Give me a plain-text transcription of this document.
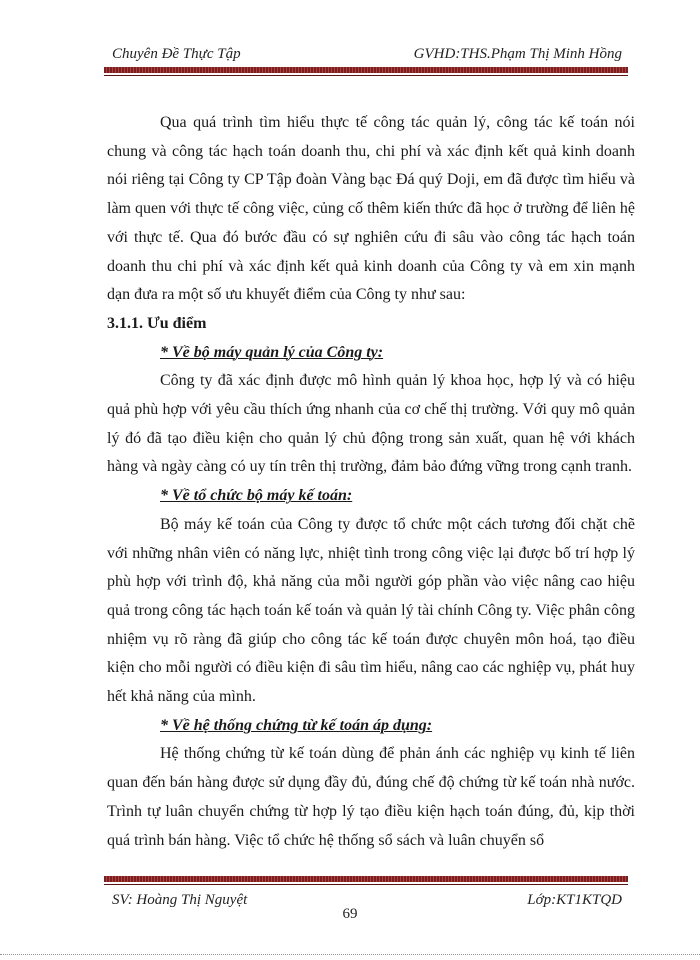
Chuyên Đề Thực Tập	GVHD:THS.Phạm Thị Minh Hồng

Qua quá trình tìm hiểu thực tế công tác quản lý, công tác kế toán nói chung và công tác hạch toán doanh thu, chi phí và xác định kết quả kinh doanh nói riêng tại Công ty CP Tập đoàn Vàng bạc Đá quý Doji, em đã được tìm hiểu và làm quen với thực tế công việc, củng cố thêm kiến thức đã học ở trường để liên hệ với thực tế. Qua đó bước đầu có sự nghiên cứu đi sâu vào công tác hạch toán doanh thu chi phí và xác định kết quả kinh doanh của Công ty và em xin mạnh dạn đưa ra một số ưu khuyết điểm của Công ty như sau:

3.1.1. Ưu điểm

* Về bộ máy quản lý của Công ty:

Công ty đã xác định được mô hình quản lý khoa học, hợp lý và có hiệu quả phù hợp với yêu cầu thích ứng nhanh của cơ chế thị trường. Với quy mô quản lý đó đã tạo điều kiện cho quản lý chủ động trong sản xuất, quan hệ với khách hàng và ngày càng có uy tín trên thị trường, đảm bảo đứng vững trong cạnh tranh.

* Về tổ chức bộ máy kế toán:

Bộ máy kế toán của Công ty được tổ chức một cách tương đối chặt chẽ với những nhân viên có năng lực, nhiệt tình trong công việc lại được bố trí hợp lý phù hợp với trình độ, khả năng của mỗi người góp phần vào việc nâng cao hiệu quả trong công tác hạch toán kế toán và quản lý tài chính Công ty. Việc phân công nhiệm vụ rõ ràng đã giúp cho công tác kế toán được chuyên môn hoá, tạo điều kiện cho mỗi người có điều kiện đi sâu tìm hiểu, nâng cao các nghiệp vụ, phát huy hết khả năng của mình.

* Về hệ thống chứng từ kế toán áp dụng:

Hệ thống chứng từ kế toán dùng để phản ánh các nghiệp vụ kinh tế liên quan đến bán hàng được sử dụng đầy đủ, đúng chế độ chứng từ kế toán nhà nước. Trình tự luân chuyển chứng từ hợp lý tạo điều kiện hạch toán đúng, đủ, kịp thời quá trình bán hàng. Việc tổ chức hệ thống sổ sách và luân chuyển sổ

SV: Hoàng Thị Nguyệt	Lớp:KT1KTQD
69
